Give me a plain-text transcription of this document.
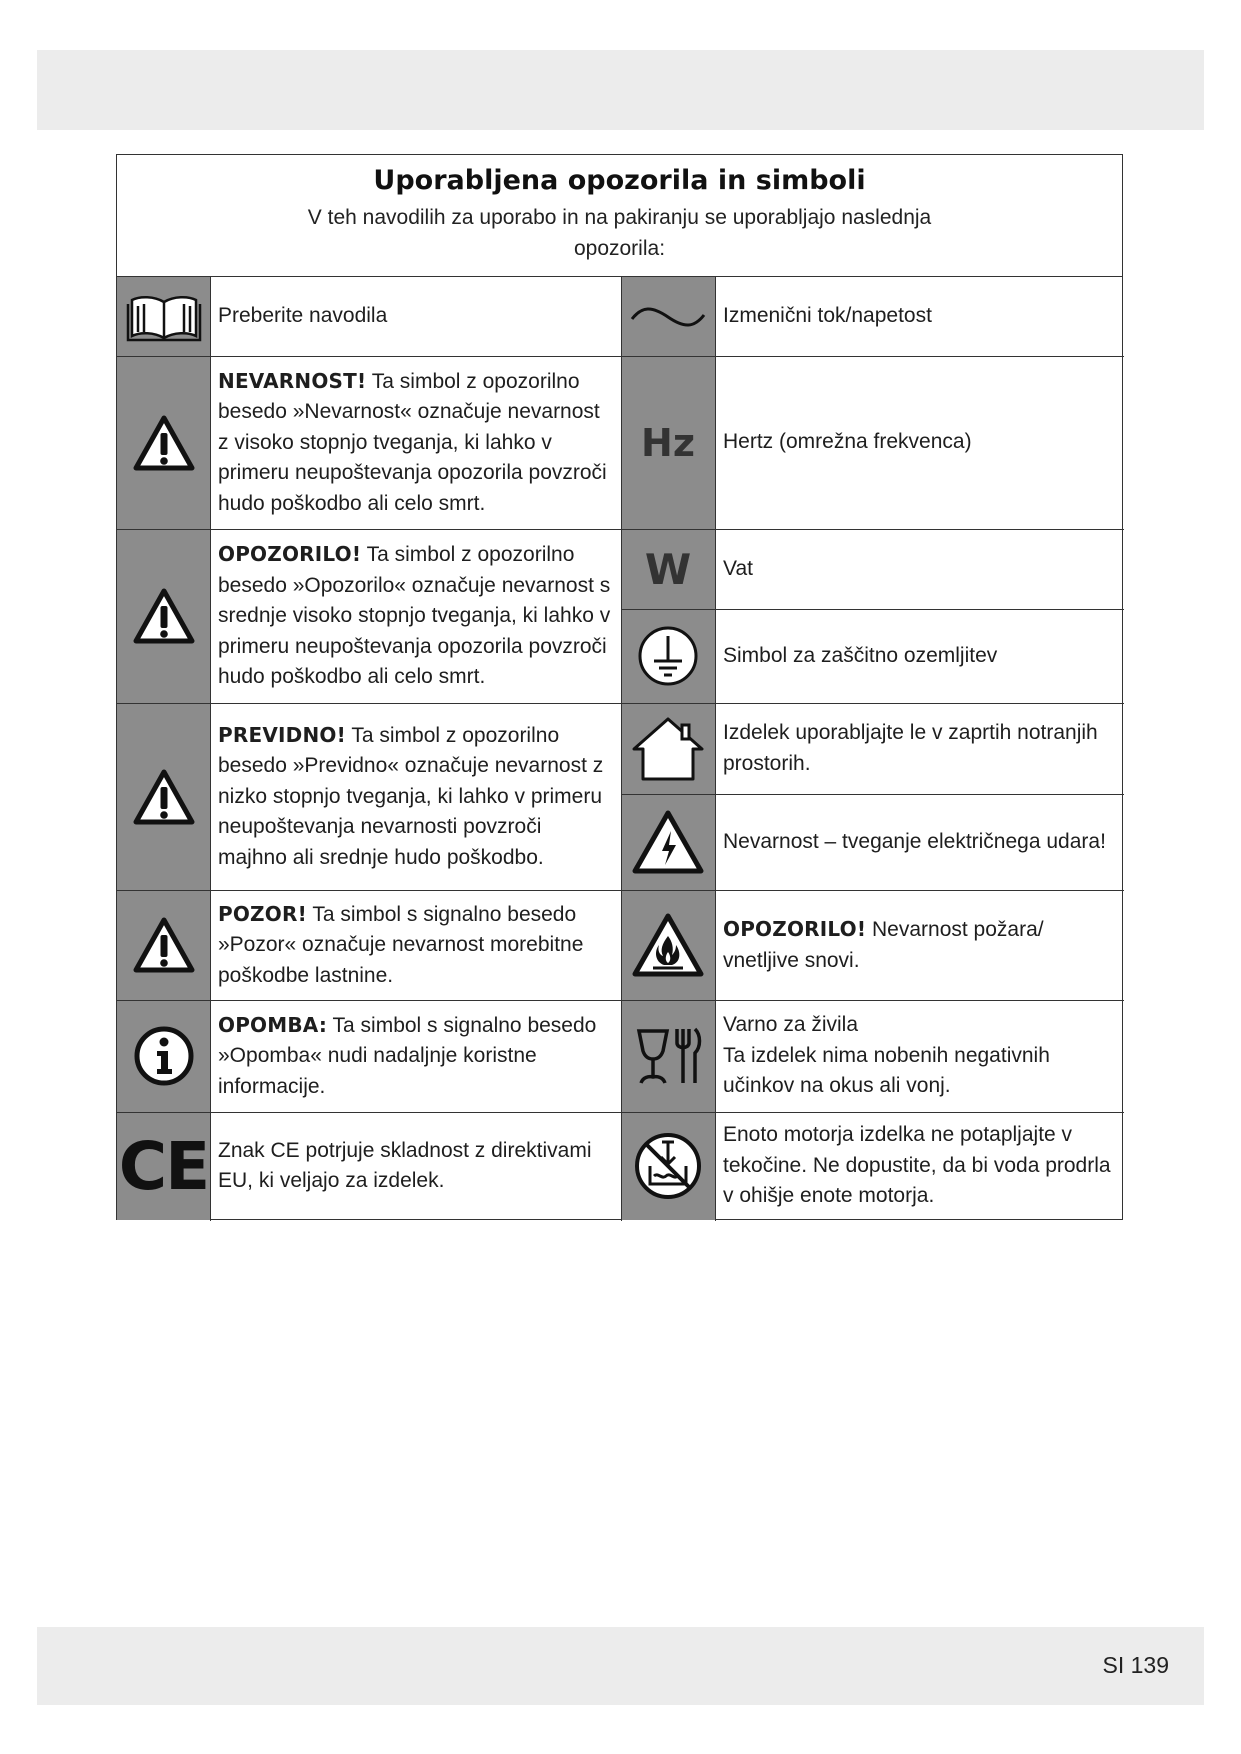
Uporabljena opozorila in simboli
V teh navodilih za uporabo in na pakiranju se uporabljajo naslednja opozorila:
Preberite navodila
NEVARNOST! Ta simbol z opozorilno besedo »Nevarnost« označuje nevarnost z visoko stopnjo tveganja, ki lahko v primeru neupoštevanja opozorila povzroči hudo poškodbo ali celo smrt.
OPOZORILO! Ta simbol z opozorilno besedo »Opozorilo« označuje nevarnost s srednje visoko stopnjo tveganja, ki lahko v primeru neupoštevanja opozorila povzroči hudo poškodbo ali celo smrt.
PREVIDNO! Ta simbol z opozorilno besedo »Previdno« označuje nevarnost z nizko stopnjo tveganja, ki lahko v primeru neupoštevanja nevarnosti povzroči majhno ali srednje hudo poškodbo.
POZOR! Ta simbol s signalno besedo »Pozor« označuje nevarnost morebitne poškodbe lastnine.
OPOMBA: Ta simbol s signalno besedo »Opomba« nudi nadaljnje koristne informacije.
CE Znak CE potrjuje skladnost z direktivami EU, ki veljajo za izdelek.
Izmenični tok/napetost
Hz Hertz (omrežna frekvenca)
W Vat
Simbol za zaščitno ozemljitev
Izdelek uporabljajte le v zaprtih notranjih prostorih.
Nevarnost – tveganje električnega udara!
OPOZORILO! Nevarnost požara/ vnetljive snovi.
Varno za živila
Ta izdelek nima nobenih negativnih učinkov na okus ali vonj.
Enoto motorja izdelka ne potapljajte v tekočine. Ne dopustite, da bi voda prodrla v ohišje enote motorja.
SI 139
